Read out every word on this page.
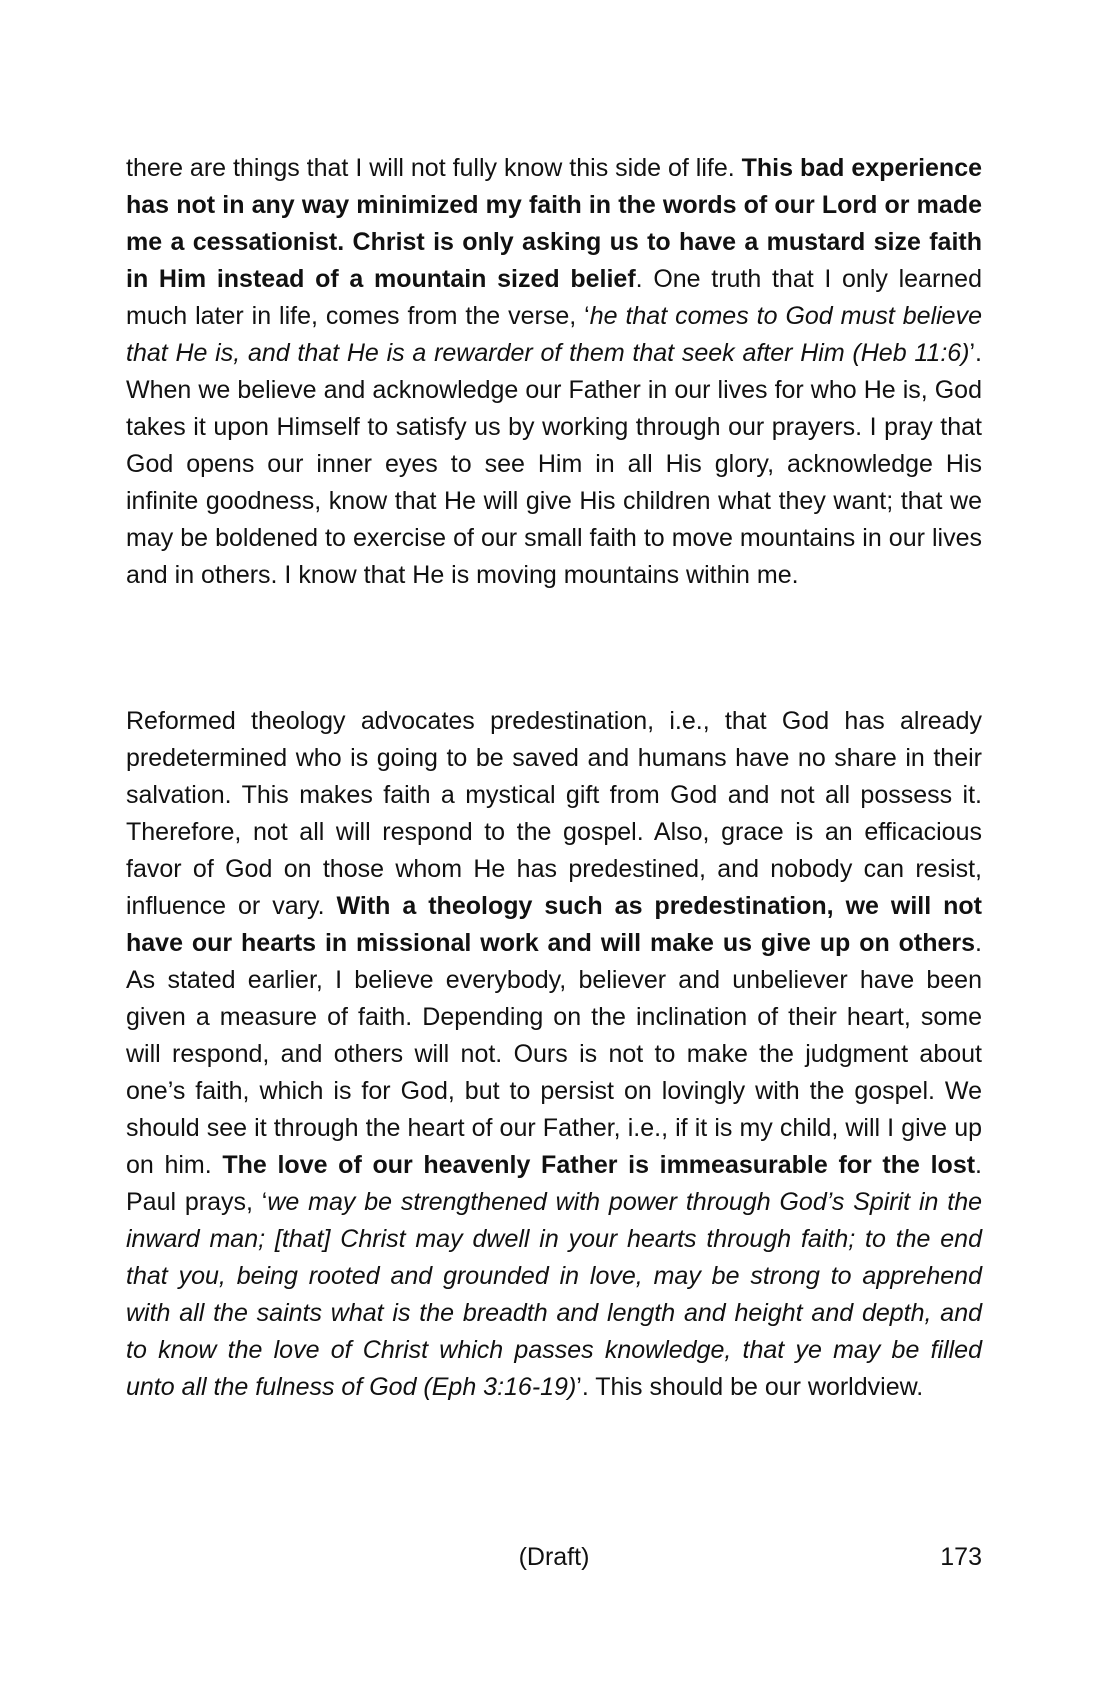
there are things that I will not fully know this side of life. This bad experience has not in any way minimized my faith in the words of our Lord or made me a cessationist. Christ is only asking us to have a mustard size faith in Him instead of a mountain sized belief. One truth that I only learned much later in life, comes from the verse, ‘he that comes to God must believe that He is, and that He is a rewarder of them that seek after Him (Heb 11:6)’. When we believe and acknowledge our Father in our lives for who He is, God takes it upon Himself to satisfy us by working through our prayers. I pray that God opens our inner eyes to see Him in all His glory, acknowledge His infinite goodness, know that He will give His children what they want; that we may be boldened to exercise of our small faith to move mountains in our lives and in others. I know that He is moving mountains within me.
Reformed theology advocates predestination, i.e., that God has already predetermined who is going to be saved and humans have no share in their salvation. This makes faith a mystical gift from God and not all possess it. Therefore, not all will respond to the gospel. Also, grace is an efficacious favor of God on those whom He has predestined, and nobody can resist, influence or vary. With a theology such as predestination, we will not have our hearts in missional work and will make us give up on others. As stated earlier, I believe everybody, believer and unbeliever have been given a measure of faith. Depending on the inclination of their heart, some will respond, and others will not. Ours is not to make the judgment about one’s faith, which is for God, but to persist on lovingly with the gospel. We should see it through the heart of our Father, i.e., if it is my child, will I give up on him. The love of our heavenly Father is immeasurable for the lost. Paul prays, ‘we may be strengthened with power through God’s Spirit in the inward man; [that] Christ may dwell in your hearts through faith; to the end that you, being rooted and grounded in love, may be strong to apprehend with all the saints what is the breadth and length and height and depth, and to know the love of Christ which passes knowledge, that ye may be filled unto all the fulness of God (Eph 3:16-19)’. This should be our worldview.
(Draft)	173
